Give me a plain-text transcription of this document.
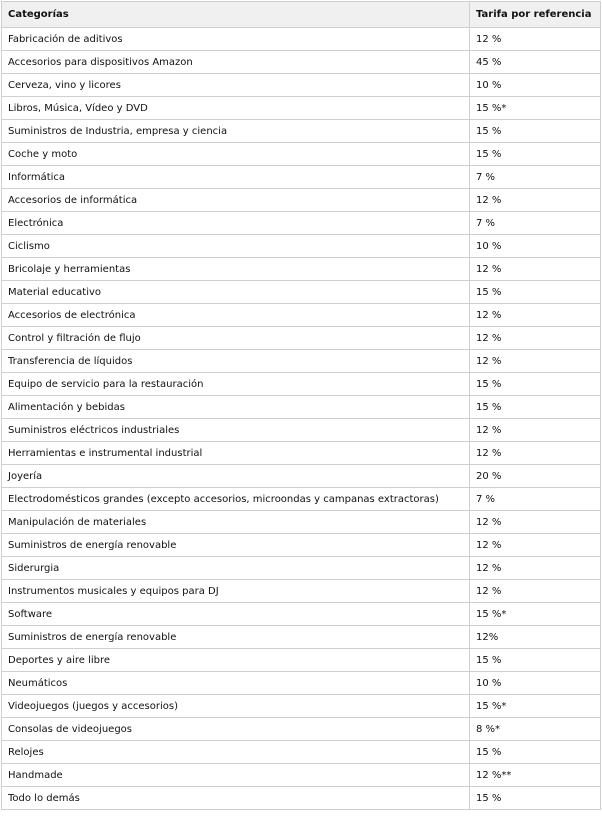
Categorías	Tarifa por referencia
Fabricación de aditivos	12 %
Accesorios para dispositivos Amazon	45 %
Cerveza, vino y licores	10 %
Libros, Música, Vídeo y DVD	15 %*
Suministros de Industria, empresa y ciencia	15 %
Coche y moto	15 %
Informática	7 %
Accesorios de informática	12 %
Electrónica	7 %
Ciclismo	10 %
Bricolaje y herramientas	12 %
Material educativo	15 %
Accesorios de electrónica	12 %
Control y filtración de flujo	12 %
Transferencia de líquidos	12 %
Equipo de servicio para la restauración	15 %
Alimentación y bebidas	15 %
Suministros eléctricos industriales	12 %
Herramientas e instrumental industrial	12 %
Joyería	20 %
Electrodomésticos grandes (excepto accesorios, microondas y campanas extractoras)	7 %
Manipulación de materiales	12 %
Suministros de energía renovable	12 %
Siderurgia	12 %
Instrumentos musicales y equipos para DJ	12 %
Software	15 %*
Suministros de energía renovable	12%
Deportes y aire libre	15 %
Neumáticos	10 %
Videojuegos (juegos y accesorios)	15 %*
Consolas de videojuegos	8 %*
Relojes	15 %
Handmade	12 %**
Todo lo demás	15 %
